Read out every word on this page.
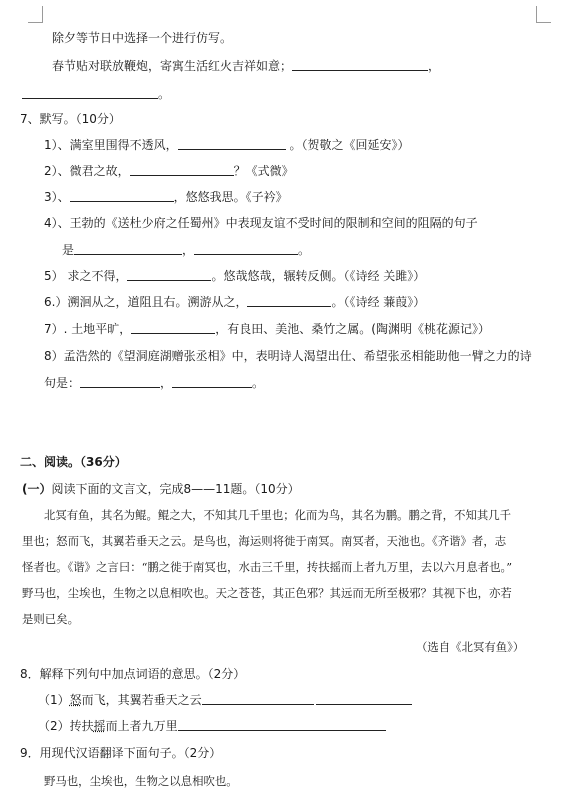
除夕等节日中选择一个进行仿写。
春节贴对联放鞭炮，寄寓生活红火吉祥如意；	，
。
7、默写。（10分）
1）、满室里围得不透风，	。（贺敬之《回延安》）
2）、微君之故，	？《式微》
3）、	，悠悠我思。《子衿》
4）、王勃的《送杜少府之任蜀州》中表现友谊不受时间的限制和空间的阻隔的句子
是	，	。
5） 求之不得，	。悠哉悠哉，辗转反侧。（《诗经 关雎》）
6.）溯洄从之，道阻且右。溯游从之，	。（《诗经 蒹葭》）
7）. 土地平旷，	，有良田、美池、桑竹之属。(陶渊明《桃花源记》）
8）孟浩然的《望洞庭湖赠张丞相》中，表明诗人渴望出仕、希望张丞相能助他一臂之力的诗
句是：	，	。
二、阅读。（36分）
(一）阅读下面的文言文，完成8——11题。（10分）
北冥有鱼，其名为鲲。鲲之大，不知其几千里也；化而为鸟，其名为鹏。鹏之背，不知其几千
里也；怒而飞，其翼若垂天之云。是鸟也，海运则将徙于南冥。南冥者，天池也。《齐谐》者，志
怪者也。《谐》之言曰：“鹏之徙于南冥也，水击三千里，抟扶摇而上者九万里，去以六月息者也。”
野马也，尘埃也，生物之以息相吹也。天之苍苍，其正色邪？其远而无所至极邪？其视下也，亦若
是则已矣。
（选自《北冥有鱼》）
8．解释下列句中加点词语的意思。（2分）
（1）怒而飞，其翼若垂天之云
（2）抟扶摇而上者九万里
9．用现代汉语翻译下面句子。（2分）
野马也，尘埃也，生物之以息相吹也。
